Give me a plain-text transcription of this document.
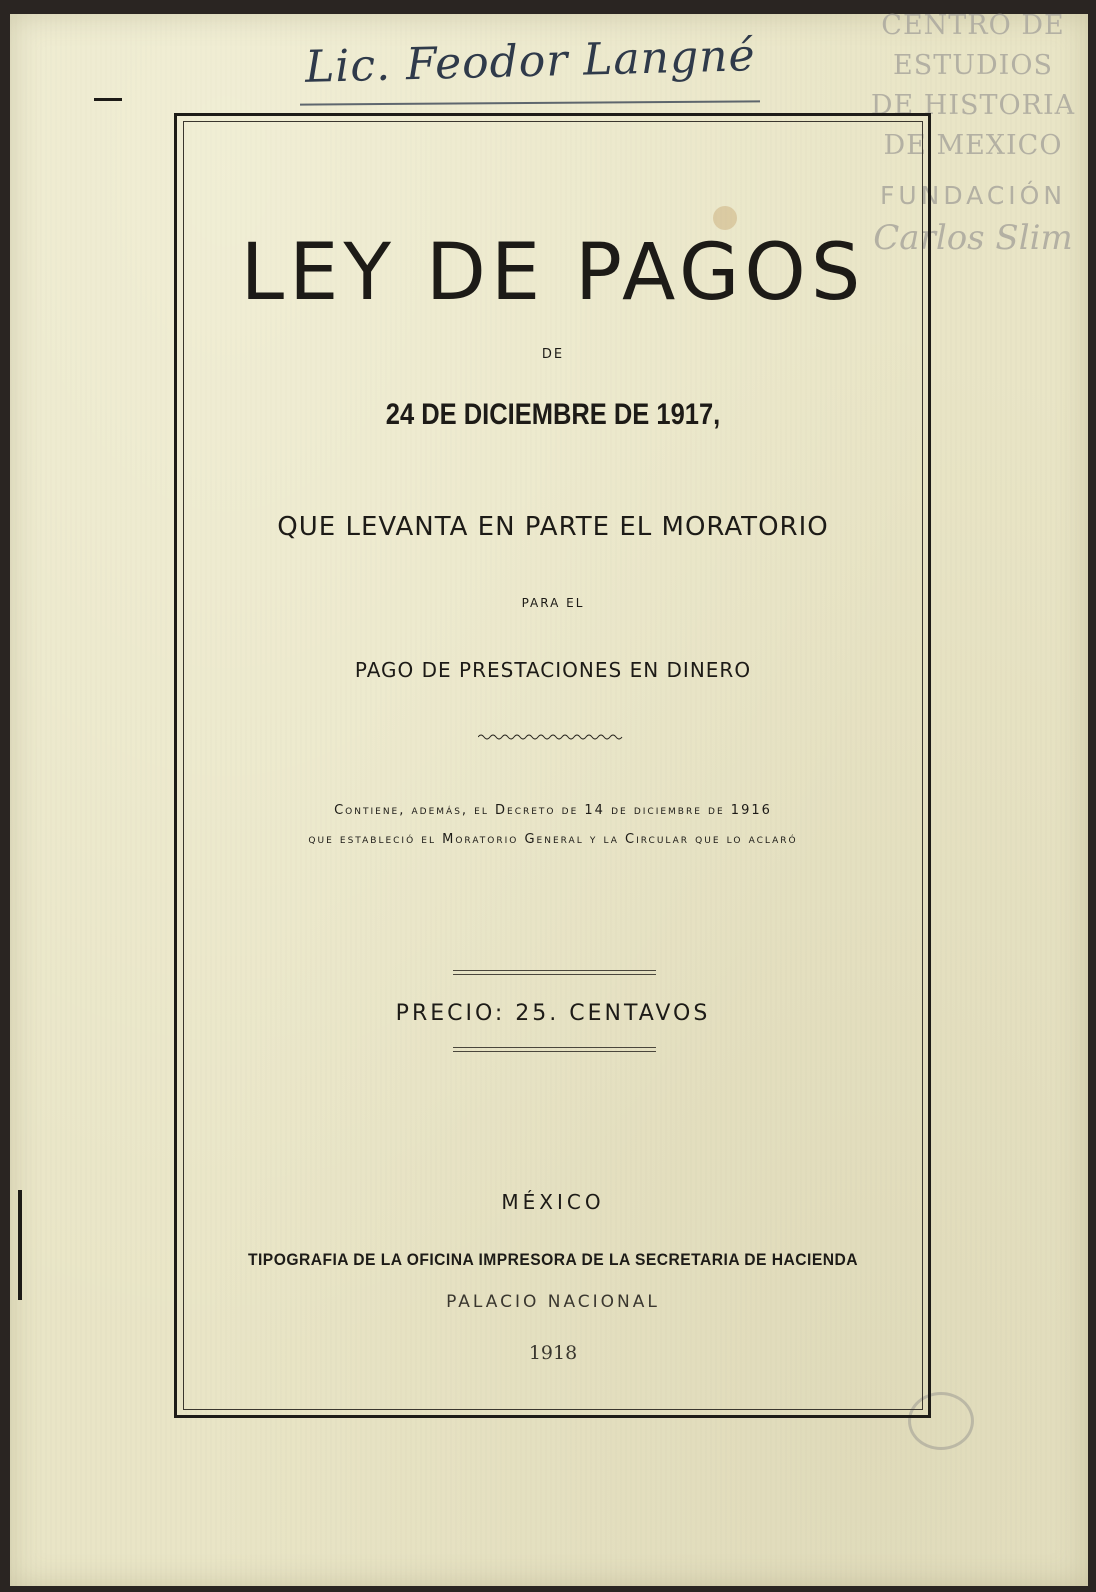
Lic. Feodor Langné
CENTRO DE
ESTUDIOS
DE HISTORIA
DE MEXICO
FUNDACIÓN
Carlos Slim
LEY DE PAGOS
DE
24 DE DICIEMBRE DE 1917,
QUE LEVANTA EN PARTE EL MORATORIO
PARA EL
PAGO DE PRESTACIONES EN DINERO
Contiene, además, el Decreto de 14 de diciembre de 1916
que estableció el Moratorio General y la Circular que lo aclaró
PRECIO: 25. CENTAVOS
MÉXICO
TIPOGRAFIA DE LA OFICINA IMPRESORA DE LA SECRETARIA DE HACIENDA
PALACIO NACIONAL
1918
